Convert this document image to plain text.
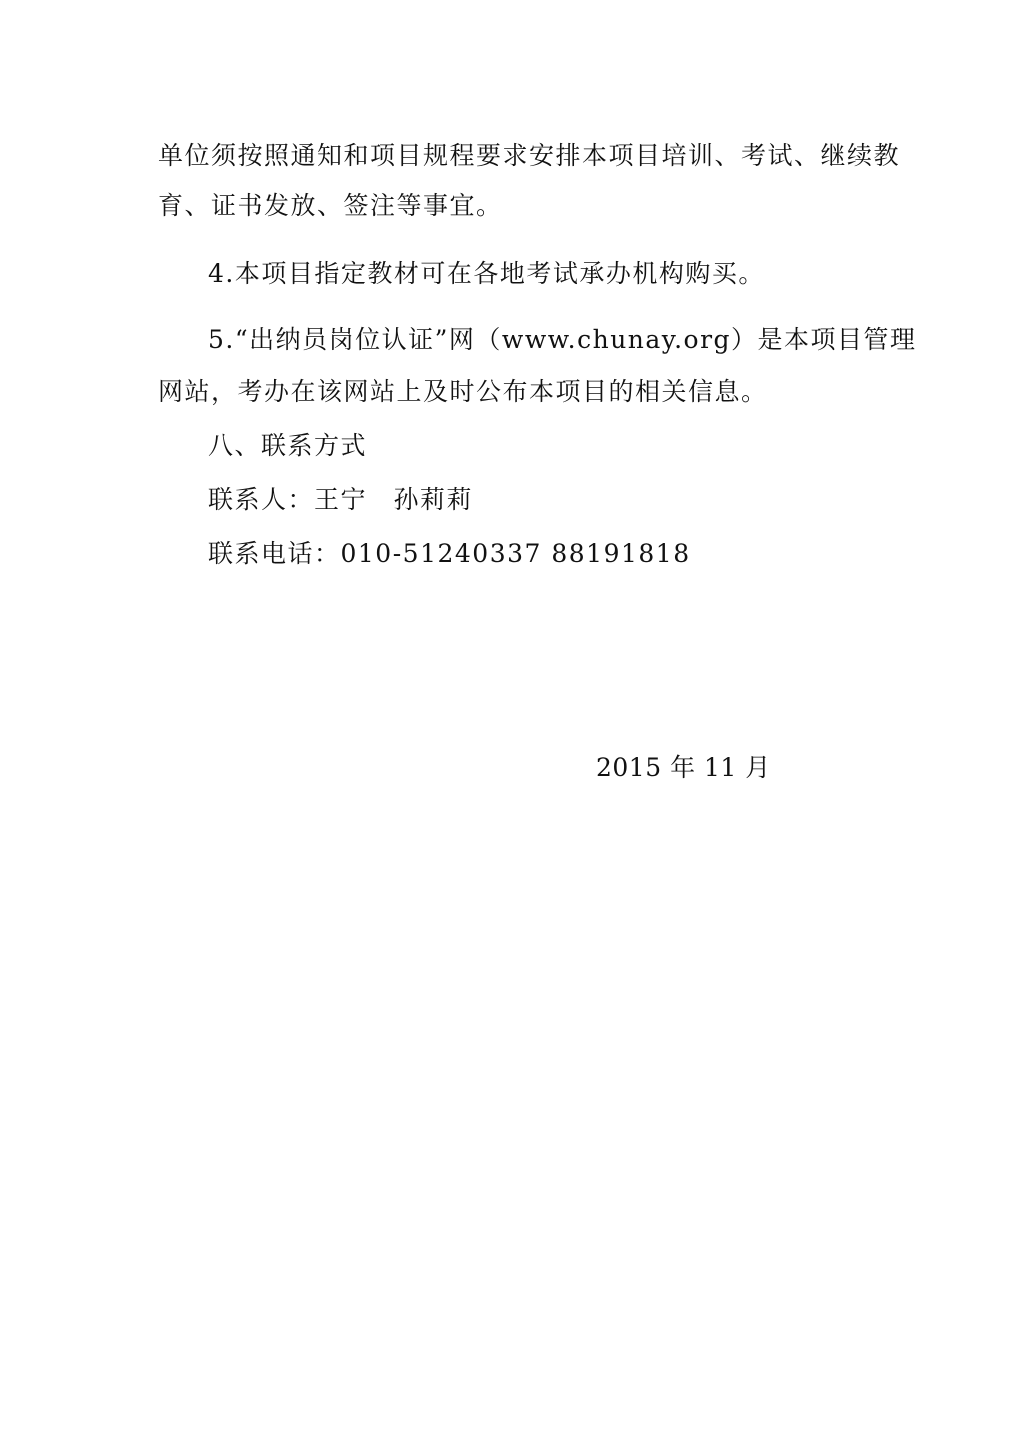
单位须按照通知和项目规程要求安排本项目培训、考试、继续教
育、证书发放、签注等事宜。
4.本项目指定教材可在各地考试承办机构购买。
5.“出纳员岗位认证”网（www.chunay.org）是本项目管理
网站，考办在该网站上及时公布本项目的相关信息。
八、联系方式
联系人：王宁　孙莉莉
联系电话：010-51240337 88191818
2015 年 11 月
